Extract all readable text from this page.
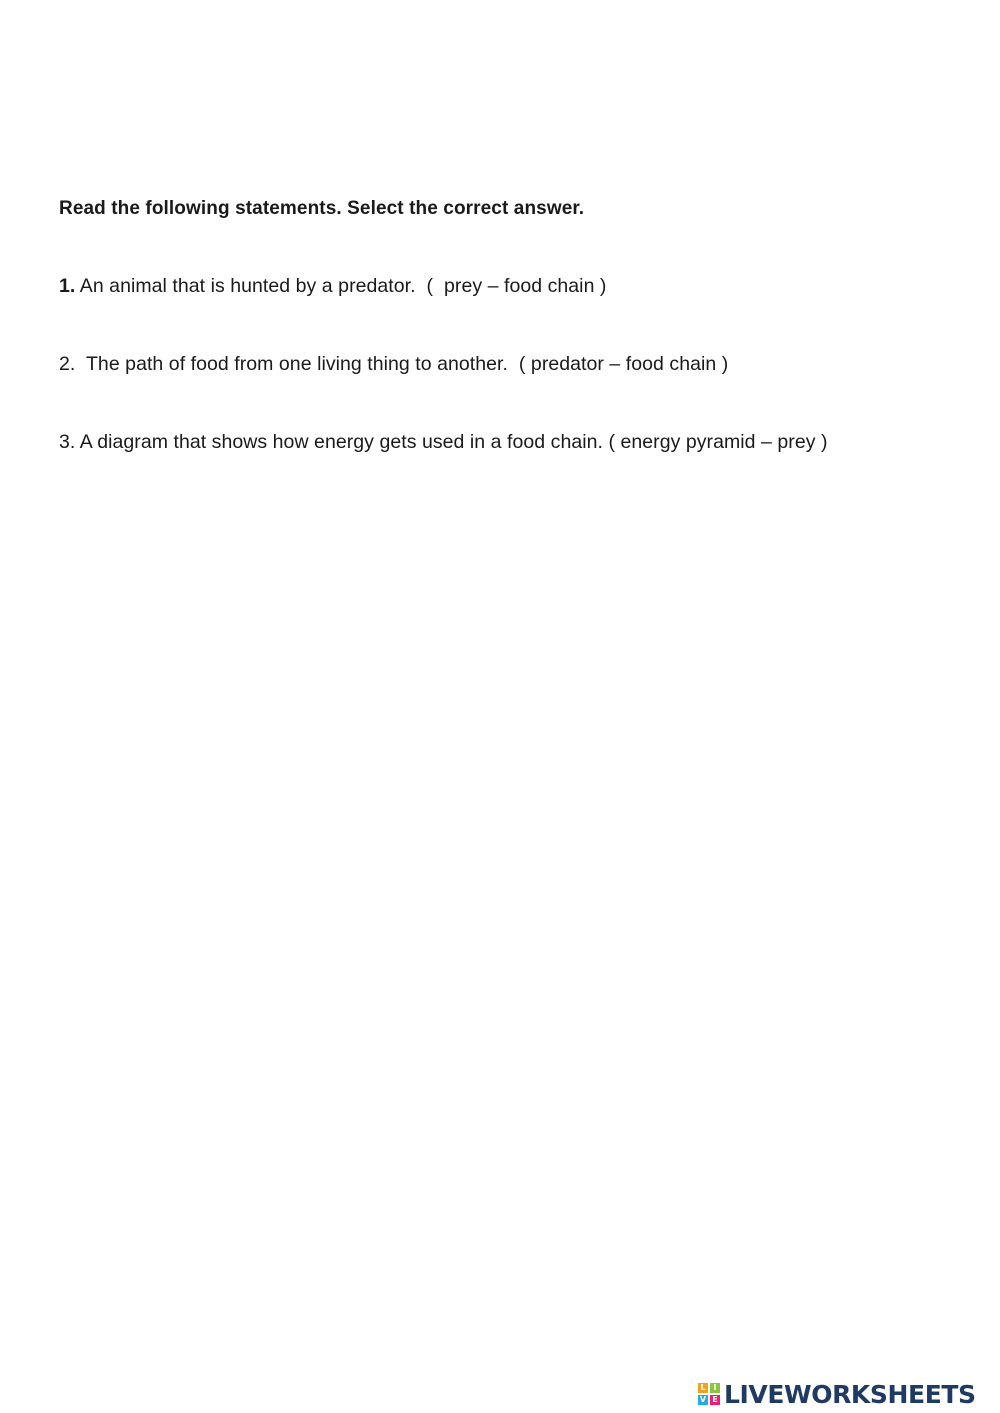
Read the following statements. Select the correct answer.
1. An animal that is hunted by a predator.  (  prey – food chain )
2.  The path of food from one living thing to another.  ( predator – food chain )
3. A diagram that shows how energy gets used in a food chain. ( energy pyramid – prey )
L I
V E LIVEWORKSHEETS
